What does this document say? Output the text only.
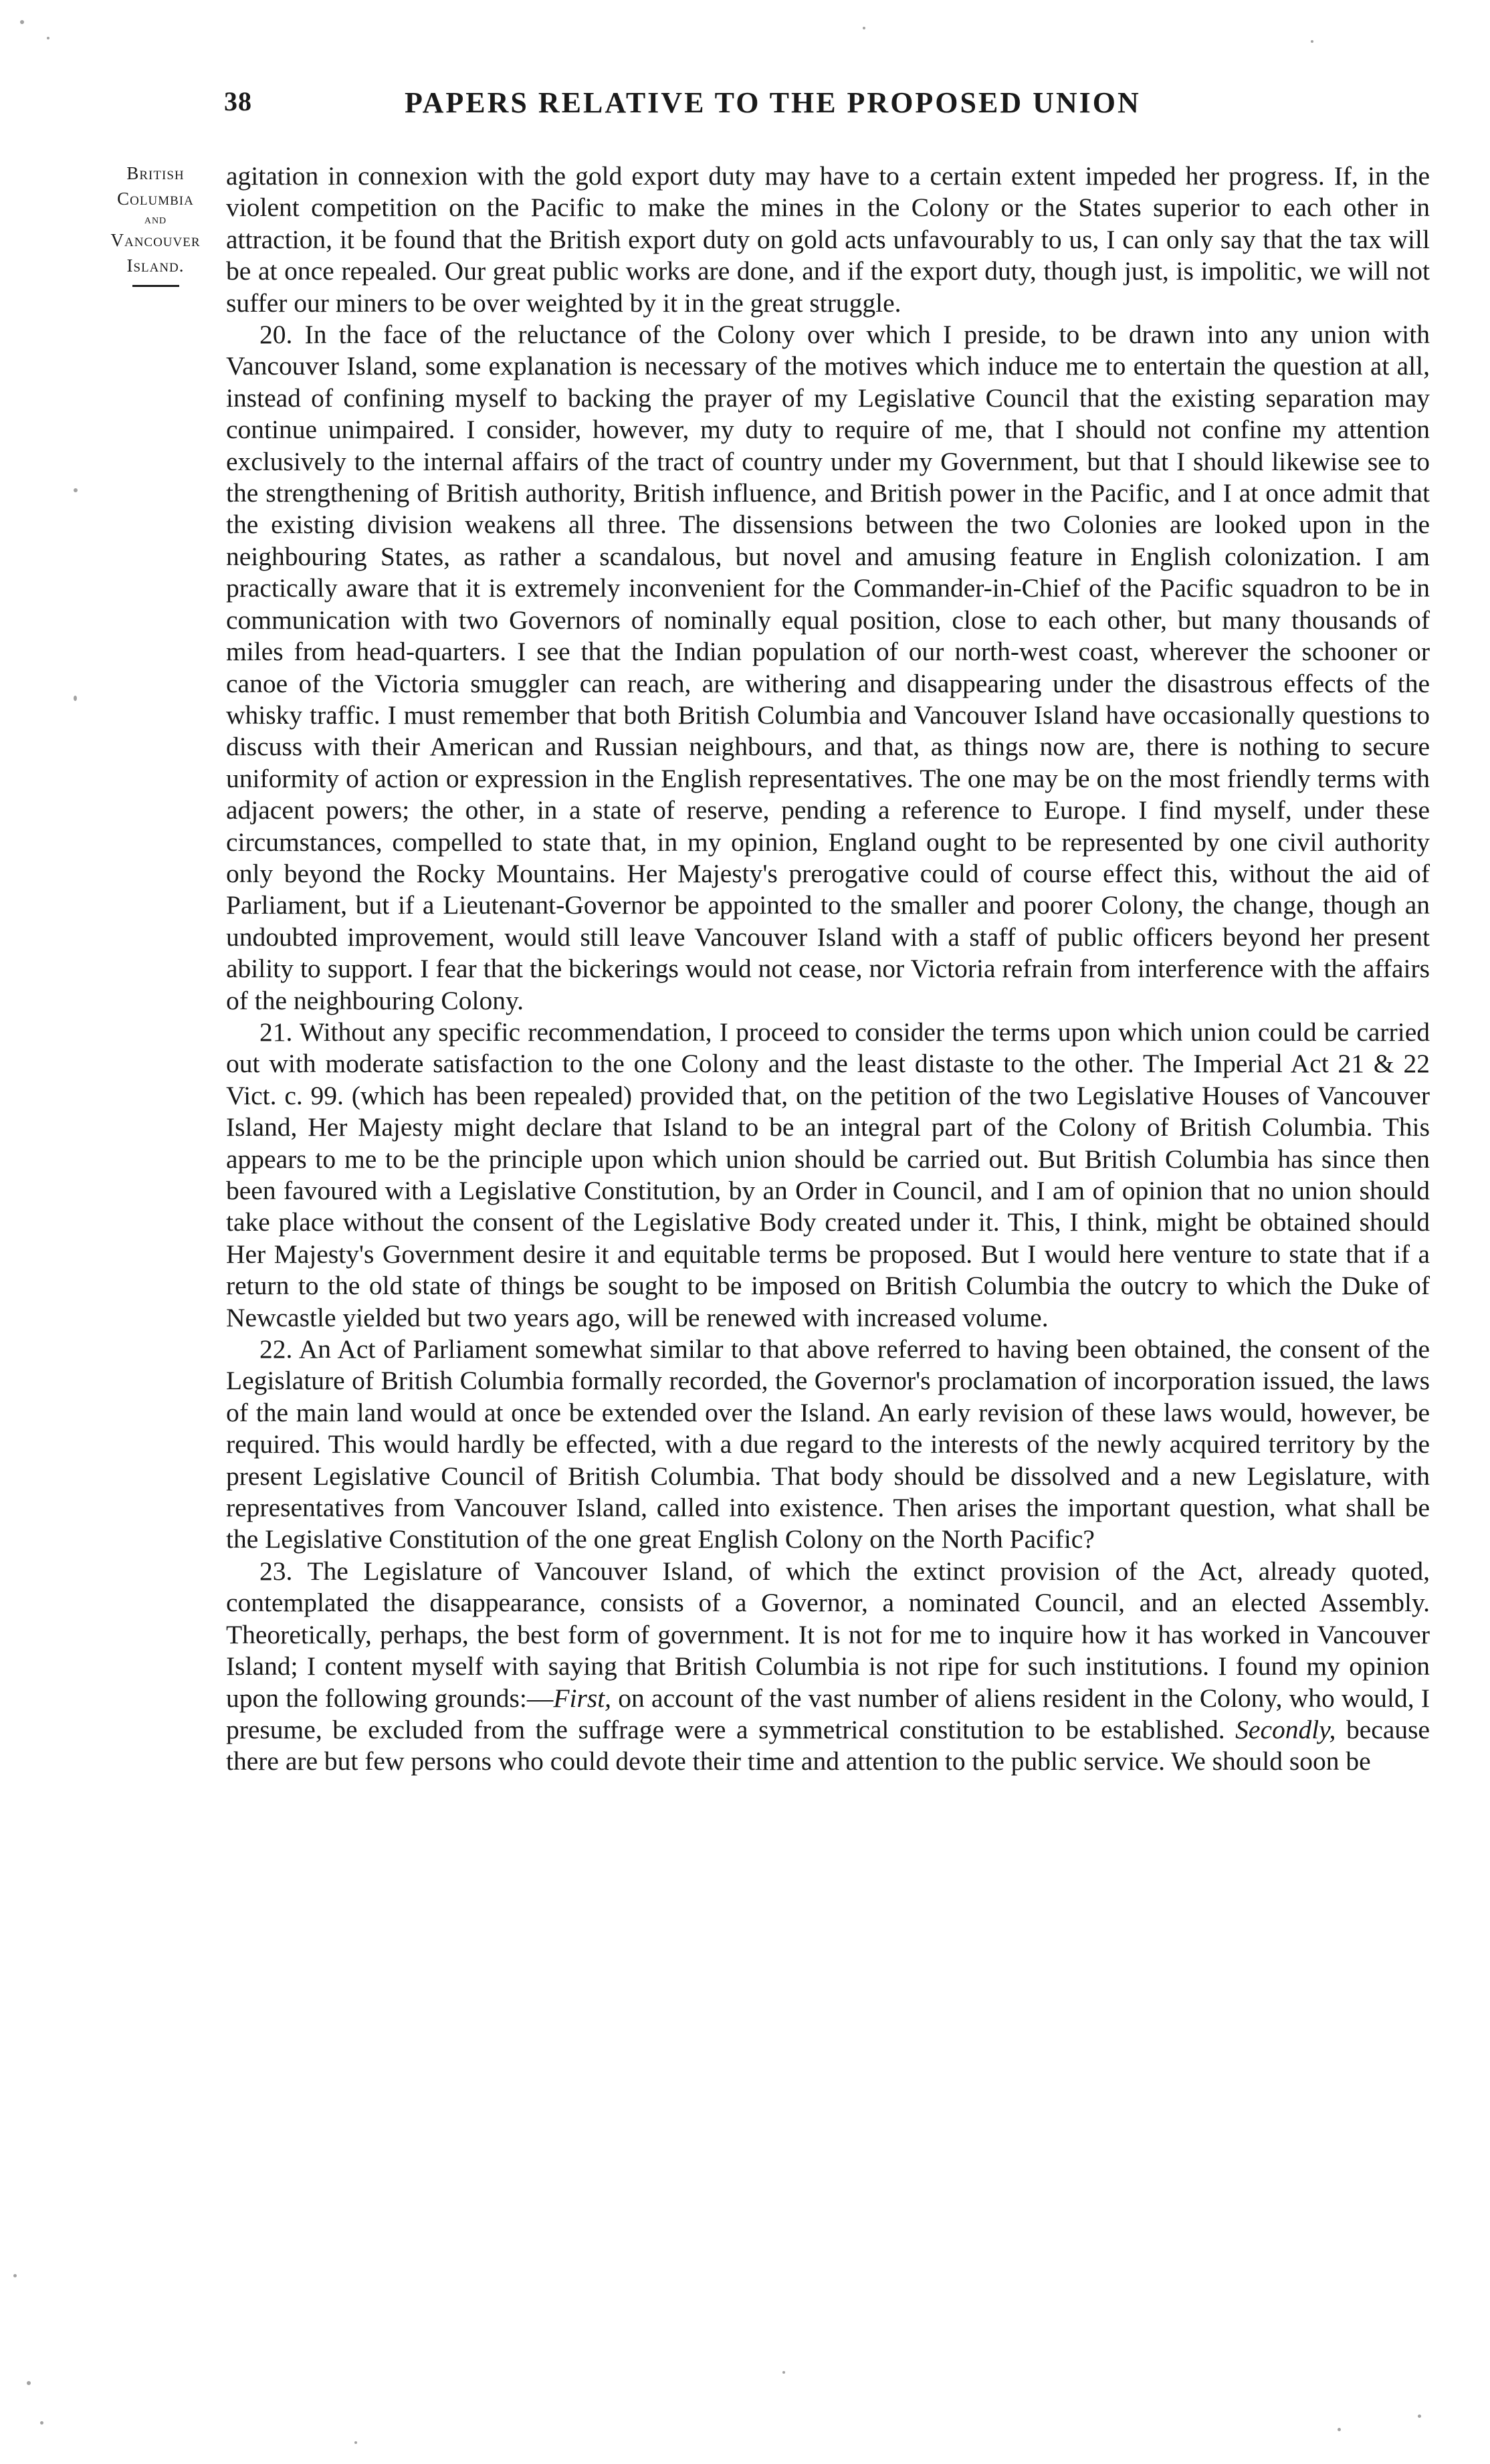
38	PAPERS RELATIVE TO THE PROPOSED UNION
British
Columbia
and
Vancouver
Island.

agitation in connexion with the gold export duty may have to a certain extent impeded her progress. If, in the violent competition on the Pacific to make the mines in the Colony or the States superior to each other in attraction, it be found that the British export duty on gold acts unfavourably to us, I can only say that the tax will be at once repealed. Our great public works are done, and if the export duty, though just, is impolitic, we will not suffer our miners to be over weighted by it in the great struggle.

20. In the face of the reluctance of the Colony over which I preside, to be drawn into any union with Vancouver Island, some explanation is necessary of the motives which induce me to entertain the question at all, instead of confining myself to backing the prayer of my Legislative Council that the existing separation may continue unimpaired. I consider, however, my duty to require of me, that I should not confine my attention exclusively to the internal affairs of the tract of country under my Government, but that I should likewise see to the strengthening of British authority, British influence, and British power in the Pacific, and I at once admit that the existing division weakens all three. The dissensions between the two Colonies are looked upon in the neighbouring States, as rather a scandalous, but novel and amusing feature in English colonization. I am practically aware that it is extremely inconvenient for the Commander-in-Chief of the Pacific squadron to be in communication with two Governors of nominally equal position, close to each other, but many thousands of miles from head-quarters. I see that the Indian population of our north-west coast, wherever the schooner or canoe of the Victoria smuggler can reach, are withering and disappearing under the disastrous effects of the whisky traffic. I must remember that both British Columbia and Vancouver Island have occasionally questions to discuss with their American and Russian neighbours, and that, as things now are, there is nothing to secure uniformity of action or expression in the English representatives. The one may be on the most friendly terms with adjacent powers; the other, in a state of reserve, pending a reference to Europe. I find myself, under these circumstances, compelled to state that, in my opinion, England ought to be represented by one civil authority only beyond the Rocky Mountains. Her Majesty's prerogative could of course effect this, without the aid of Parliament, but if a Lieutenant-Governor be appointed to the smaller and poorer Colony, the change, though an undoubted improvement, would still leave Vancouver Island with a staff of public officers beyond her present ability to support. I fear that the bickerings would not cease, nor Victoria refrain from interference with the affairs of the neighbouring Colony.

21. Without any specific recommendation, I proceed to consider the terms upon which union could be carried out with moderate satisfaction to the one Colony and the least distaste to the other. The Imperial Act 21 & 22 Vict. c. 99. (which has been repealed) provided that, on the petition of the two Legislative Houses of Vancouver Island, Her Majesty might declare that Island to be an integral part of the Colony of British Columbia. This appears to me to be the principle upon which union should be carried out. But British Columbia has since then been favoured with a Legislative Constitution, by an Order in Council, and I am of opinion that no union should take place without the consent of the Legislative Body created under it. This, I think, might be obtained should Her Majesty's Government desire it and equitable terms be proposed. But I would here venture to state that if a return to the old state of things be sought to be imposed on British Columbia the outcry to which the Duke of Newcastle yielded but two years ago, will be renewed with increased volume.

22. An Act of Parliament somewhat similar to that above referred to having been obtained, the consent of the Legislature of British Columbia formally recorded, the Governor's proclamation of incorporation issued, the laws of the main land would at once be extended over the Island. An early revision of these laws would, however, be required. This would hardly be effected, with a due regard to the interests of the newly acquired territory by the present Legislative Council of British Columbia. That body should be dissolved and a new Legislature, with representatives from Vancouver Island, called into existence. Then arises the important question, what shall be the Legislative Constitution of the one great English Colony on the North Pacific?

23. The Legislature of Vancouver Island, of which the extinct provision of the Act, already quoted, contemplated the disappearance, consists of a Governor, a nominated Council, and an elected Assembly. Theoretically, perhaps, the best form of government. It is not for me to inquire how it has worked in Vancouver Island; I content myself with saying that British Columbia is not ripe for such institutions. I found my opinion upon the following grounds:—First, on account of the vast number of aliens resident in the Colony, who would, I presume, be excluded from the suffrage were a symmetrical constitution to be established. Secondly, because there are but few persons who could devote their time and attention to the public service. We should soon be
